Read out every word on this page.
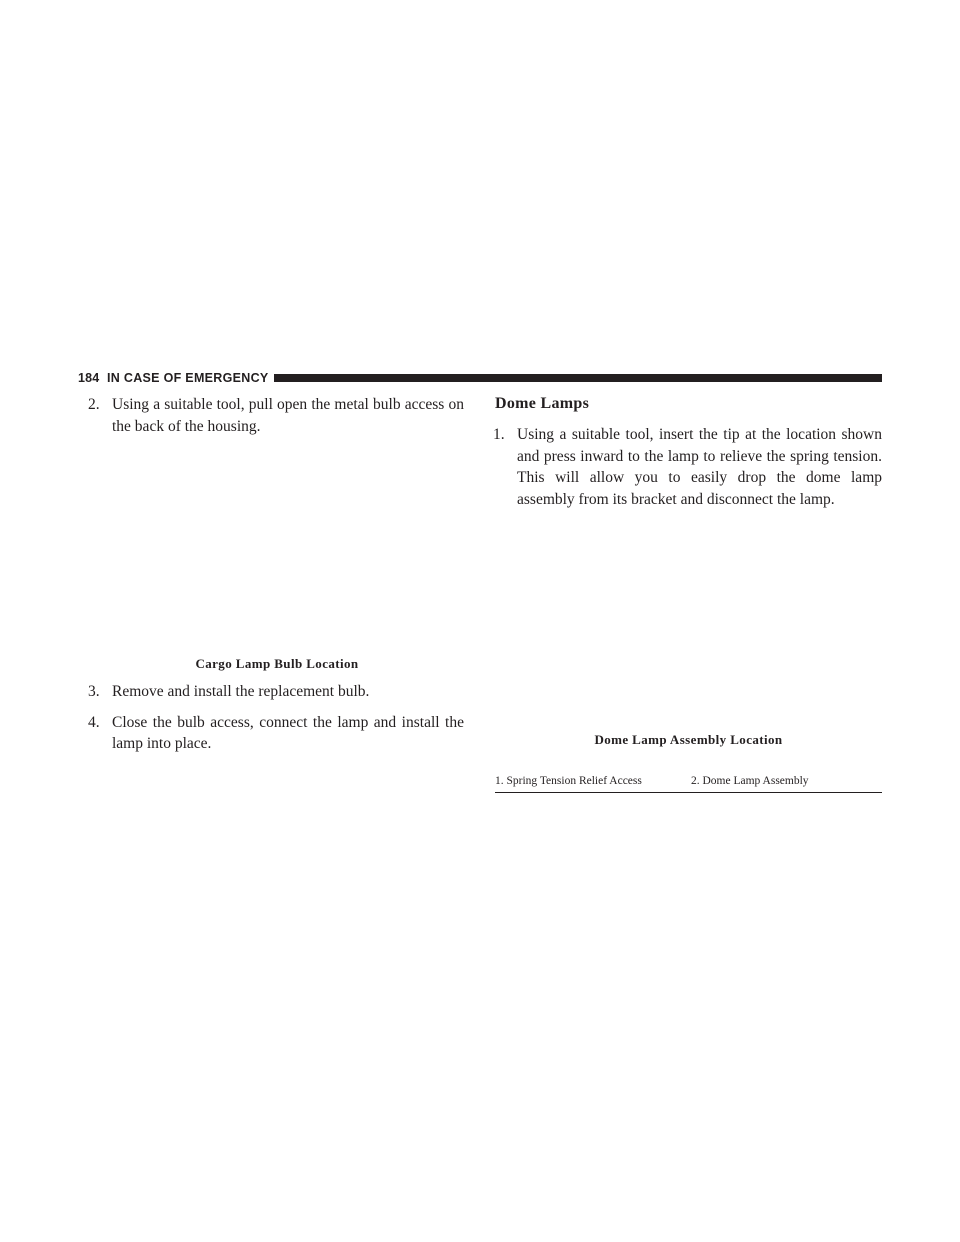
184 IN CASE OF EMERGENCY
2. Using a suitable tool, pull open the metal bulb access on the back of the housing.
Cargo Lamp Bulb Location
3. Remove and install the replacement bulb.
4. Close the bulb access, connect the lamp and install the lamp into place.
Dome Lamps
1. Using a suitable tool, insert the tip at the location shown and press inward to the lamp to relieve the spring tension. This will allow you to easily drop the dome lamp assembly from its bracket and disconnect the lamp.
Dome Lamp Assembly Location
1. Spring Tension Relief Access	2. Dome Lamp Assembly
